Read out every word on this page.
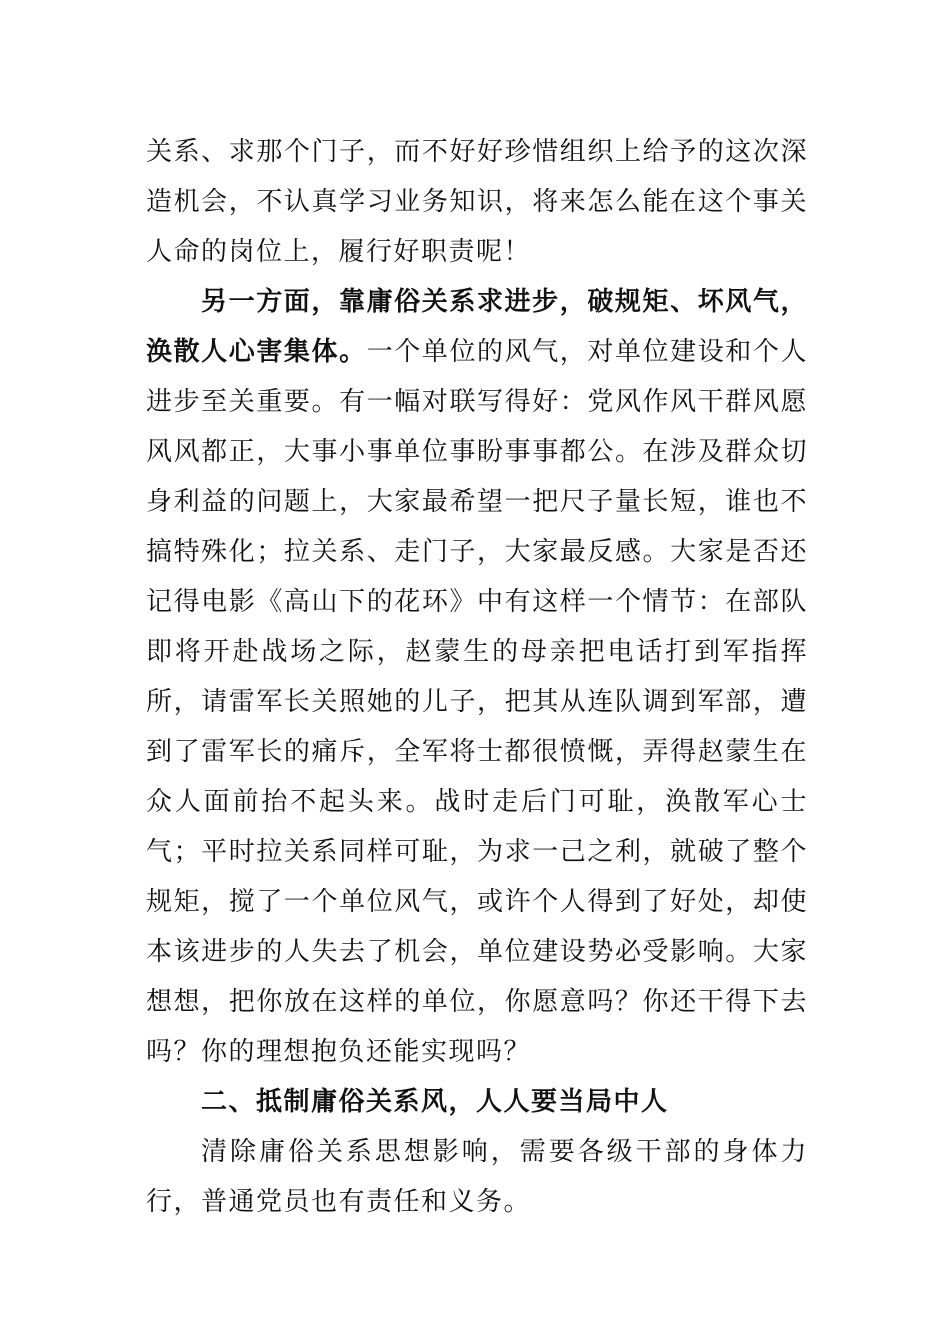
关系、求那个门子，而不好好珍惜组织上给予的这次深造机会，不认真学习业务知识，将来怎么能在这个事关人命的岗位上，履行好职责呢！

另一方面，靠庸俗关系求进步，破规矩、坏风气，涣散人心害集体。一个单位的风气，对单位建设和个人进步至关重要。有一幅对联写得好：党风作风干群风愿风风都正，大事小事单位事盼事事都公。在涉及群众切身利益的问题上，大家最希望一把尺子量长短，谁也不搞特殊化；拉关系、走门子，大家最反感。大家是否还记得电影《高山下的花环》中有这样一个情节：在部队即将开赴战场之际，赵蒙生的母亲把电话打到军指挥所，请雷军长关照她的儿子，把其从连队调到军部，遭到了雷军长的痛斥，全军将士都很愤慨，弄得赵蒙生在众人面前抬不起头来。战时走后门可耻，涣散军心士气；平时拉关系同样可耻，为求一己之利，就破了整个规矩，搅了一个单位风气，或许个人得到了好处，却使本该进步的人失去了机会，单位建设势必受影响。大家想想，把你放在这样的单位，你愿意吗？你还干得下去吗？你的理想抱负还能实现吗？

二、抵制庸俗关系风，人人要当局中人

清除庸俗关系思想影响，需要各级干部的身体力行，普通党员也有责任和义务。
